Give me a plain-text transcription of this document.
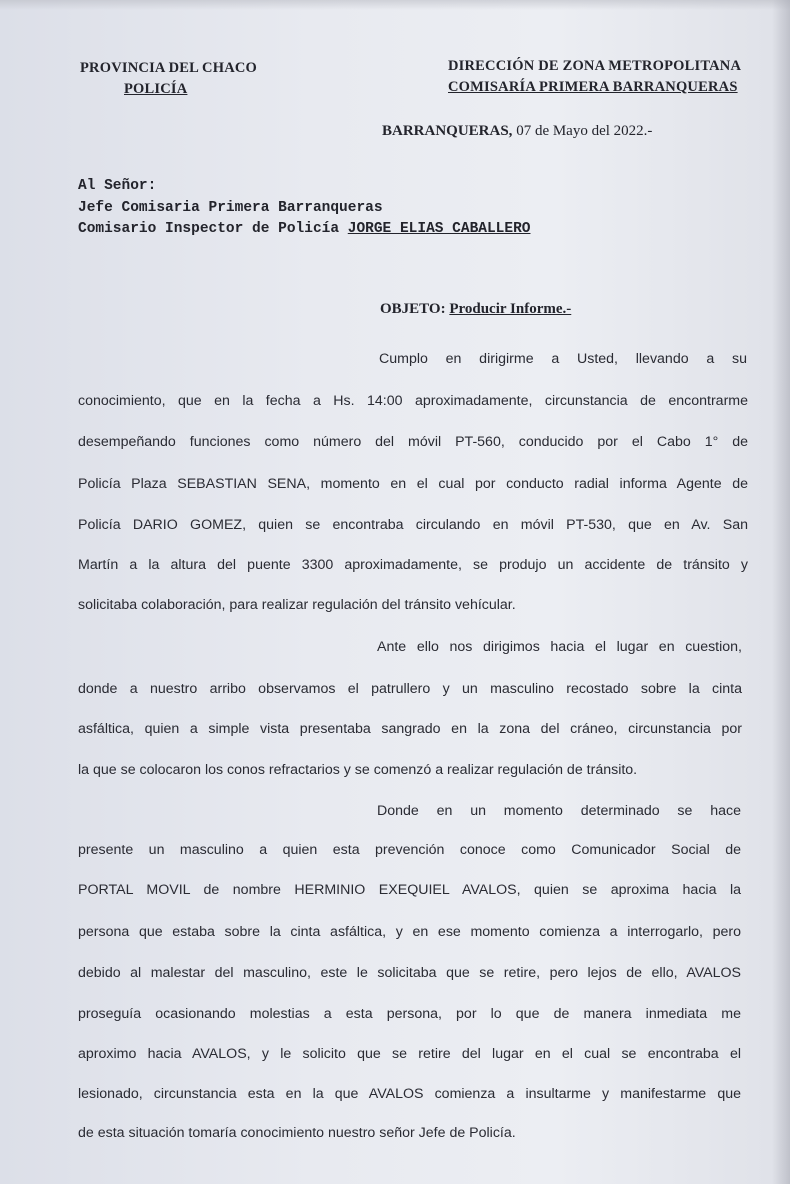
PROVINCIA DEL CHACO
POLICÍA
DIRECCIÓN DE ZONA METROPOLITANA
COMISARÍA PRIMERA BARRANQUERAS
BARRANQUERAS, 07 de Mayo del 2022.-
Al Señor:
Jefe Comisaria Primera Barranqueras
Comisario Inspector de Policía JORGE ELIAS CABALLERO
OBJETO: Producir Informe.-
Cumplo en dirigirme a Usted, llevando a su
conocimiento, que en la fecha a Hs. 14:00 aproximadamente, circunstancia de encontrarme
desempeñando funciones como número del móvil PT-560, conducido por el Cabo 1° de
Policía Plaza SEBASTIAN SENA, momento en el cual por conducto radial informa Agente de
Policía DARIO GOMEZ, quien se encontraba circulando en móvil PT-530, que en Av. San
Martín a la altura del puente 3300 aproximadamente, se produjo un accidente de tránsito y
solicitaba colaboración, para realizar regulación del tránsito vehícular.
Ante ello nos dirigimos hacia el lugar en cuestion,
donde a nuestro arribo observamos el patrullero y un masculino recostado sobre la cinta
asfáltica, quien a simple vista presentaba sangrado en la zona del cráneo, circunstancia por
la que se colocaron los conos refractarios y se comenzó a realizar regulación de tránsito.
Donde en un momento determinado se hace
presente un masculino a quien esta prevención conoce como Comunicador Social de
PORTAL MOVIL de nombre HERMINIO EXEQUIEL AVALOS, quien se aproxima hacia la
persona que estaba sobre la cinta asfáltica, y en ese momento comienza a interrogarlo, pero
debido al malestar del masculino, este le solicitaba que se retire, pero lejos de ello, AVALOS
proseguía ocasionando molestias a esta persona, por lo que de manera inmediata me
aproximo hacia AVALOS, y le solicito que se retire del lugar en el cual se encontraba el
lesionado, circunstancia esta en la que AVALOS comienza a insultarme y manifestarme que
de esta situación tomaría conocimiento nuestro señor Jefe de Policía.
